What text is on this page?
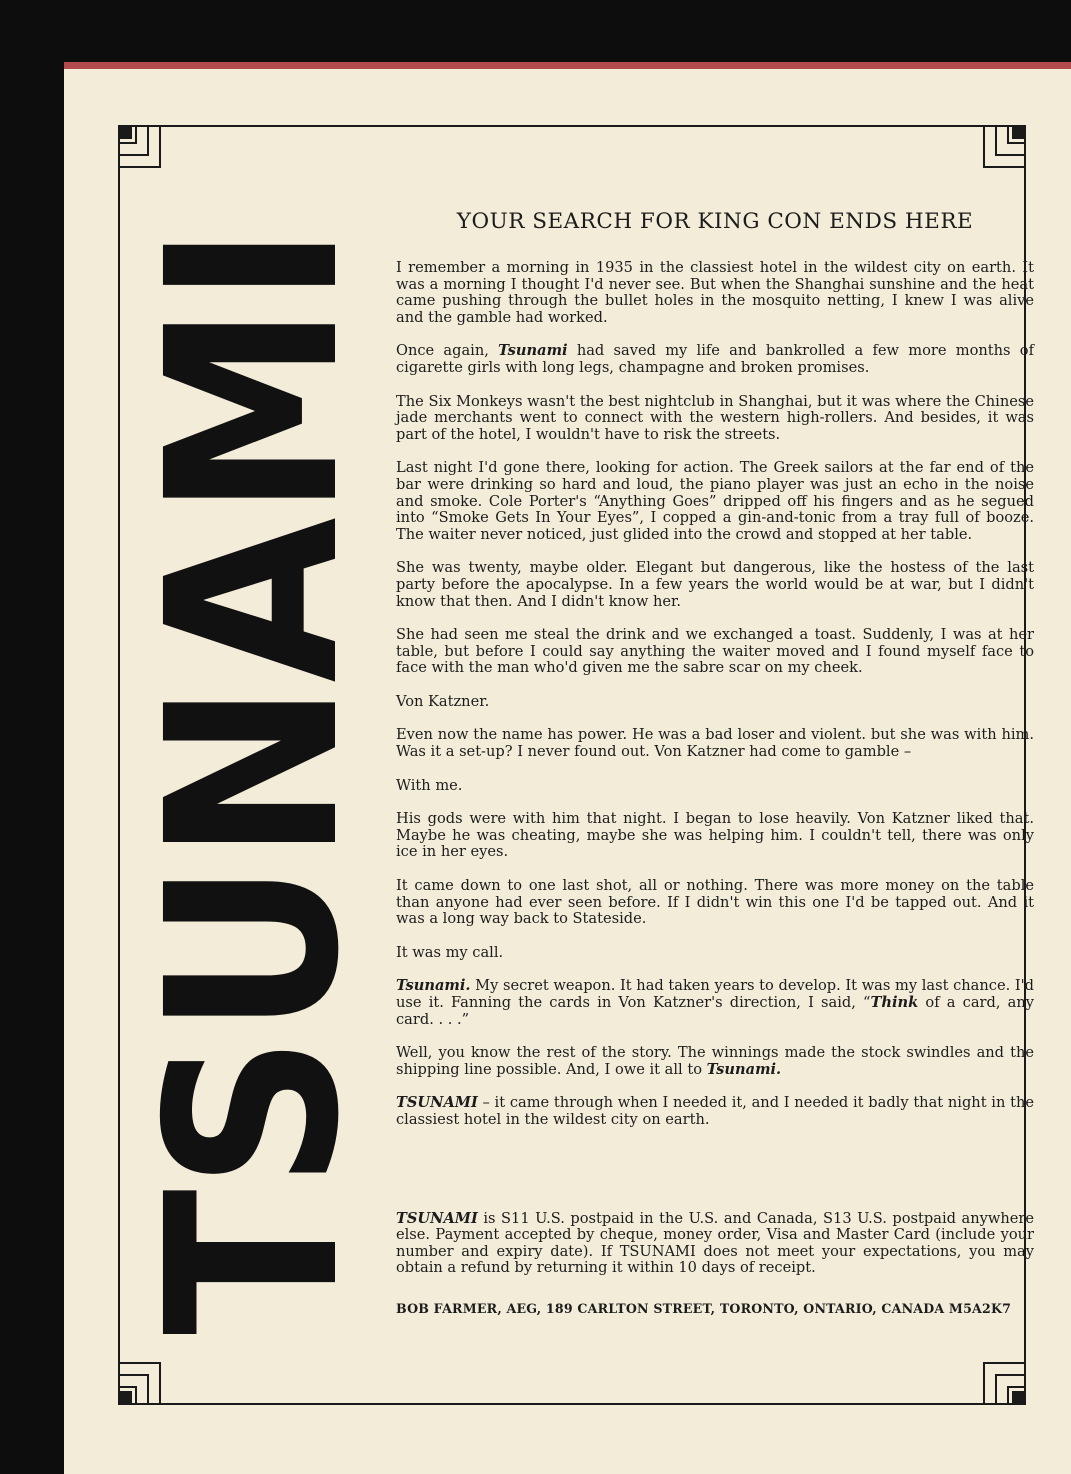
TSUNAMI	YOUR SEARCH FOR KING CON ENDS HERE

I remember a morning in 1935 in the classiest hotel in the wildest city on earth. It was a morning I thought I'd never see. But when the Shanghai sunshine and the heat came pushing through the bullet holes in the mosquito netting, I knew I was alive and the gamble had worked.

Once again, Tsunami had saved my life and bankrolled a few more months of cigarette girls with long legs, champagne and broken promises.

The Six Monkeys wasn't the best nightclub in Shanghai, but it was where the Chinese jade merchants went to connect with the western high-rollers. And besides, it was part of the hotel, I wouldn't have to risk the streets.

Last night I'd gone there, looking for action. The Greek sailors at the far end of the bar were drinking so hard and loud, the piano player was just an echo in the noise and smoke. Cole Porter's “Anything Goes” dripped off his fingers and as he segued into “Smoke Gets In Your Eyes”, I copped a gin-and-tonic from a tray full of booze. The waiter never noticed, just glided into the crowd and stopped at her table.

She was twenty, maybe older. Elegant but dangerous, like the hostess of the last party before the apocalypse. In a few years the world would be at war, but I didn't know that then. And I didn't know her.

She had seen me steal the drink and we exchanged a toast. Suddenly, I was at her table, but before I could say anything the waiter moved and I found myself face to face with the man who'd given me the sabre scar on my cheek.

Von Katzner.

Even now the name has power. He was a bad loser and violent. but she was with him. Was it a set-up? I never found out. Von Katzner had come to gamble –

With me.

His gods were with him that night. I began to lose heavily. Von Katzner liked that. Maybe he was cheating, maybe she was helping him. I couldn't tell, there was only ice in her eyes.

It came down to one last shot, all or nothing. There was more money on the table than anyone had ever seen before. If I didn't win this one I'd be tapped out. And it was a long way back to Stateside.

It was my call.

Tsunami. My secret weapon. It had taken years to develop. It was my last chance. I'd use it. Fanning the cards in Von Katzner's direction, I said, “Think of a card, any card. . . .”

Well, you know the rest of the story. The winnings made the stock swindles and the shipping line possible. And, I owe it all to Tsunami.

TSUNAMI – it came through when I needed it, and I needed it badly that night in the classiest hotel in the wildest city on earth.

TSUNAMI is S11 U.S. postpaid in the U.S. and Canada, S13 U.S. postpaid anywhere else. Payment accepted by cheque, money order, Visa and Master Card (include your number and expiry date). If TSUNAMI does not meet your expectations, you may obtain a refund by returning it within 10 days of receipt.

BOB FARMER, AEG, 189 CARLTON STREET, TORONTO, ONTARIO, CANADA M5A2K7
